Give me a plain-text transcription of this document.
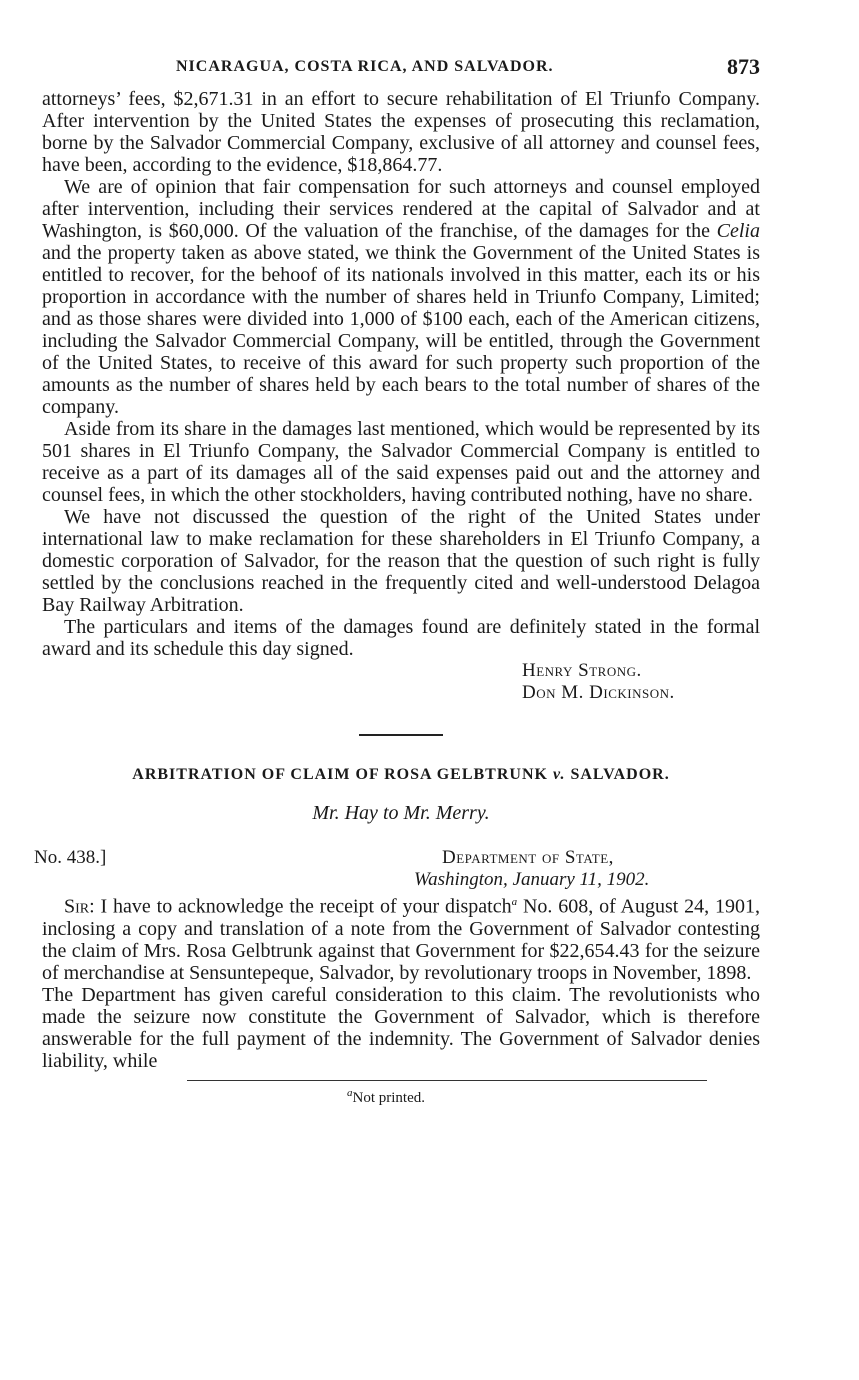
NICARAGUA, COSTA RICA, AND SALVADOR.	873

attorneys’ fees, $2,671.31 in an effort to secure rehabilitation of El Triunfo Company. After intervention by the United States the expenses of prosecuting this reclamation, borne by the Salvador Commercial Company, exclusive of all attorney and counsel fees, have been, according to the evidence, $18,864.77.

We are of opinion that fair compensation for such attorneys and counsel employed after intervention, including their services rendered at the capital of Salvador and at Washington, is $60,000. Of the valuation of the franchise, of the damages for the Celia and the property taken as above stated, we think the Government of the United States is entitled to recover, for the behoof of its nationals involved in this matter, each its or his proportion in accordance with the number of shares held in Triunfo Company, Limited; and as those shares were divided into 1,000 of $100 each, each of the American citizens, including the Salvador Commercial Company, will be entitled, through the Government of the United States, to receive of this award for such property such proportion of the amounts as the number of shares held by each bears to the total number of shares of the company.

Aside from its share in the damages last mentioned, which would be represented by its 501 shares in El Triunfo Company, the Salvador Commercial Company is entitled to receive as a part of its damages all of the said expenses paid out and the attorney and counsel fees, in which the other stockholders, having contributed nothing, have no share.

We have not discussed the question of the right of the United States under international law to make reclamation for these shareholders in El Triunfo Company, a domestic corporation of Salvador, for the reason that the question of such right is fully settled by the conclusions reached in the frequently cited and well-understood Delagoa Bay Railway Arbitration.

The particulars and items of the damages found are definitely stated in the formal award and its schedule this day signed.

Henry Strong.
Don M. Dickinson.
ARBITRATION OF CLAIM OF ROSA GELBTRUNK v. SALVADOR.
Mr. Hay to Mr. Merry.
No. 438.]	Department of State,
Washington, January 11, 1902.

Sir: I have to acknowledge the receipt of your dispatch$^a$ No. 608, of August 24, 1901, inclosing a copy and translation of a note from the Government of Salvador contesting the claim of Mrs. Rosa Gelbtrunk against that Government for $22,654.43 for the seizure of merchandise at Sensuntepeque, Salvador, by revolutionary troops in November, 1898.

The Department has given careful consideration to this claim. The revolutionists who made the seizure now constitute the Government of Salvador, which is therefore answerable for the full payment of the indemnity. The Government of Salvador denies liability, while

$^a$Not printed.
